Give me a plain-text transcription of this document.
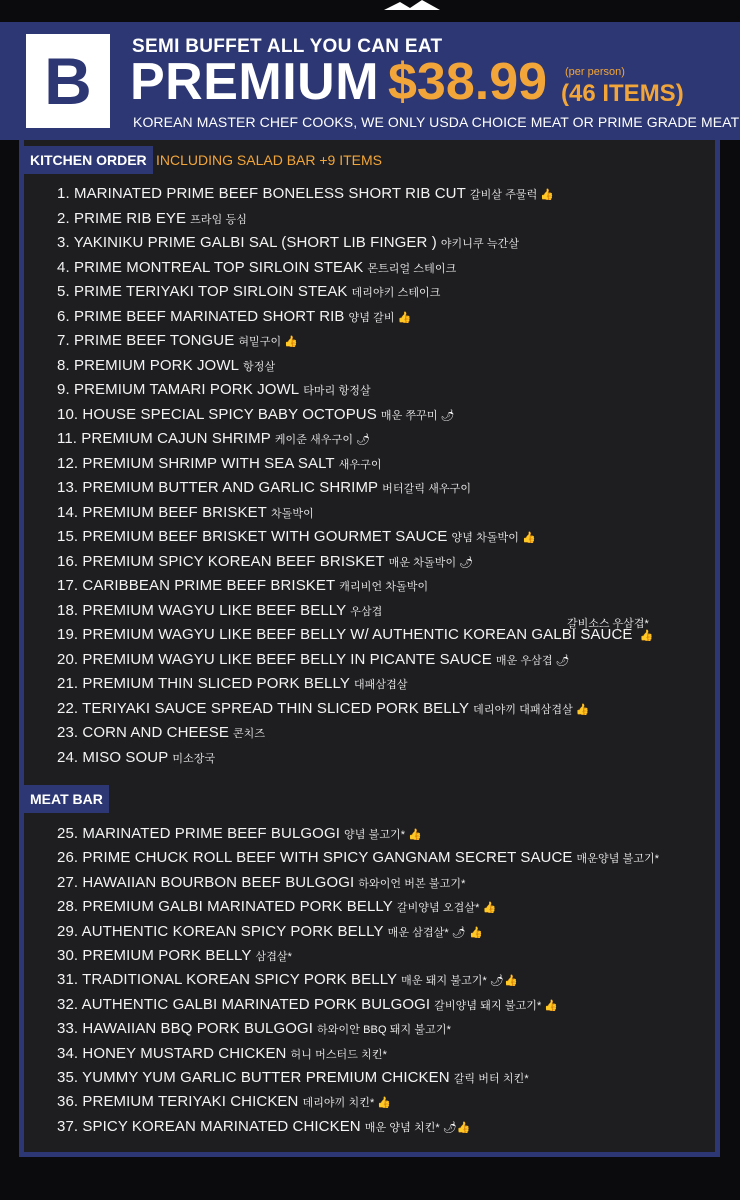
B	SEMI BUFFET ALL YOU CAN EAT
PREMIUM $38.99 (per person)
(46 ITEMS)
KOREAN MASTER CHEF COOKS, WE ONLY USDA CHOICE MEAT OR PRIME GRADE MEAT
KITCHEN ORDER INCLUDING SALAD BAR +9 ITEMS
1. MARINATED PRIME BEEF BONELESS SHORT RIB CUT 갈비살 주물럭 👍
2. PRIME RIB EYE 프라임 등심
3. YAKINIKU PRIME GALBI SAL (SHORT LIB FINGER ) 야키니쿠 늑간살
4. PRIME MONTREAL TOP SIRLOIN STEAK 몬트리얼 스테이크
5. PRIME TERIYAKI TOP SIRLOIN STEAK 데리야키 스테이크
6. PRIME BEEF MARINATED SHORT RIB 양념 갈비 👍
7. PRIME BEEF TONGUE 혀밑구이 👍
8. PREMIUM PORK JOWL 항정살
9. PREMIUM TAMARI PORK JOWL 타마리 항정살
10. HOUSE SPECIAL SPICY BABY OCTOPUS 매운 쭈꾸미 🌶
11. PREMIUM CAJUN SHRIMP 케이준 새우구이 🌶
12. PREMIUM SHRIMP WITH SEA SALT 새우구이
13. PREMIUM BUTTER AND GARLIC SHRIMP 버터갈릭 새우구이
14. PREMIUM BEEF BRISKET 차돌박이
15. PREMIUM BEEF BRISKET WITH GOURMET SAUCE 양념 차돌박이 👍
16. PREMIUM SPICY KOREAN BEEF BRISKET 매운 차돌박이 🌶
17. CARIBBEAN PRIME BEEF BRISKET 캐리비언 차돌박이
18. PREMIUM WAGYU LIKE BEEF BELLY 우삼겹
19. PREMIUM WAGYU LIKE BEEF BELLY W/ AUTHENTIC KOREAN GALBI SAUCE 👍
20. PREMIUM WAGYU LIKE BEEF BELLY IN PICANTE SAUCE 매운 우삼겹 🌶
21. PREMIUM THIN SLICED PORK BELLY 대패삼겹살
22. TERIYAKI SAUCE SPREAD THIN SLICED PORK BELLY 데리야끼 대패삼겹살 👍
23. CORN AND CHEESE 콘치즈
24. MISO SOUP 미소장국
갈비소스 우삼겹*
MEAT BAR
25. MARINATED PRIME BEEF BULGOGI 양념 불고기* 👍
26. PRIME CHUCK ROLL BEEF WITH SPICY GANGNAM SECRET SAUCE 매운양념 불고기*
27. HAWAIIAN BOURBON BEEF BULGOGI 하와이언 버본 불고기*
28. PREMIUM GALBI MARINATED PORK BELLY 갈비양념 오겹살* 👍
29. AUTHENTIC KOREAN SPICY PORK BELLY 매운 삼겹살* 🌶 👍
30. PREMIUM PORK BELLY 삼겹살*
31. TRADITIONAL KOREAN SPICY PORK BELLY 매운 돼지 불고기* 🌶👍
32. AUTHENTIC GALBI MARINATED PORK BULGOGI 갈비양념 돼지 불고기* 👍
33. HAWAIIAN BBQ PORK BULGOGI 하와이안 BBQ 돼지 불고기*
34. HONEY MUSTARD CHICKEN 허니 머스터드 치킨*
35. YUMMY YUM GARLIC BUTTER PREMIUM CHICKEN 갈릭 버터 치킨*
36. PREMIUM TERIYAKI CHICKEN 데리야끼 치킨* 👍
37. SPICY KOREAN MARINATED CHICKEN 매운 양념 치킨* 🌶👍
